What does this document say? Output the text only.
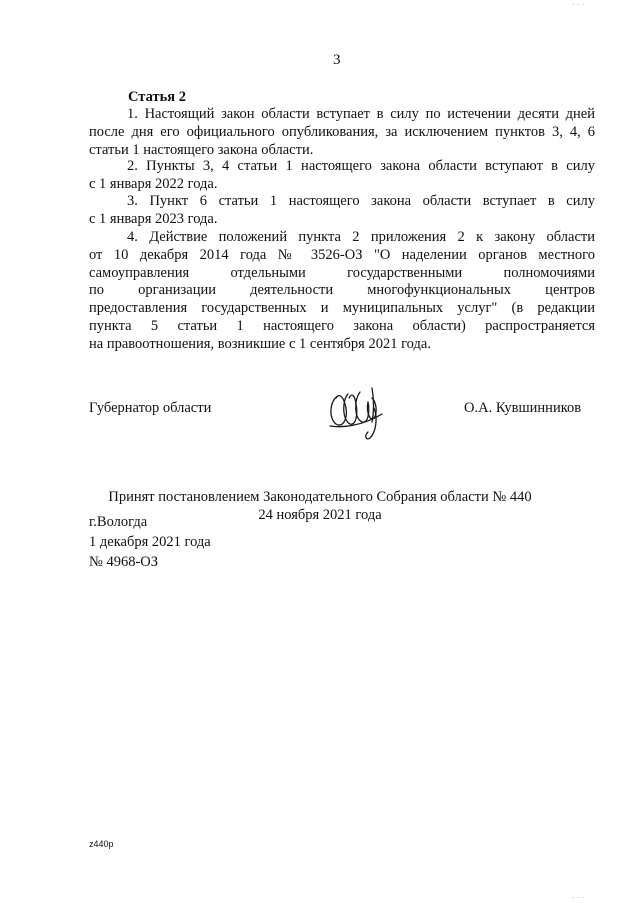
· · ·
3
Статья 2
1. Настоящий закон области вступает в силу по истечении десяти дней
после дня его официального опубликования, за исключением пунктов 3, 4, 6
статьи 1 настоящего закона области.
2. Пункты 3, 4 статьи 1 настоящего закона области вступают в силу
с 1 января 2022 года.
3. Пункт 6 статьи 1 настоящего закона области вступает в силу
с 1 января 2023 года.
4. Действие положений пункта 2 приложения 2 к закону области
от 10 декабря 2014 года № 3526-ОЗ "О наделении органов местного
самоуправления отдельными государственными полномочиями
по организации деятельности многофункциональных центров
предоставления государственных и муниципальных услуг" (в редакции
пункта 5 статьи 1 настоящего закона области) распространяется
на правоотношения, возникшие с 1 сентября 2021 года.
Губернатор области	О.А. Кувшинников
Принят постановлением Законодательного Собрания области № 440
24 ноября 2021 года
г.Вологда
1 декабря 2021 года
№ 4968-ОЗ
z440p
· · ·
